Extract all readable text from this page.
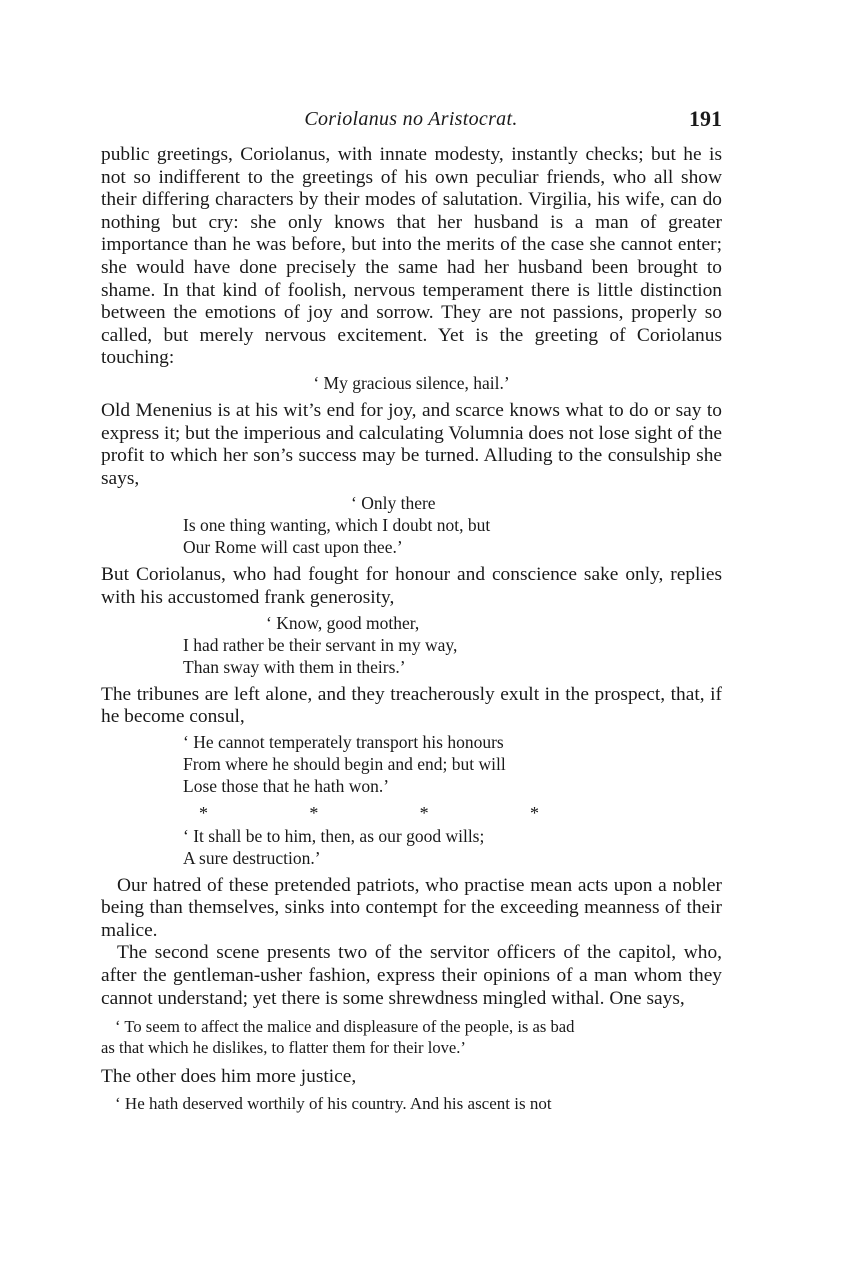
Coriolanus no Aristocrat.	191

public greetings, Coriolanus, with innate modesty, instantly checks; but he is not so indifferent to the greetings of his own peculiar friends, who all show their differing characters by their modes of salutation. Virgilia, his wife, can do nothing but cry: she only knows that her husband is a man of greater importance than he was before, but into the merits of the case she cannot enter; she would have done precisely the same had her husband been brought to shame. In that kind of foolish, nervous temperament there is little distinction between the emotions of joy and sorrow. They are not passions, properly so called, but merely nervous excitement. Yet is the greeting of Coriolanus touching:

‘ My gracious silence, hail.’

Old Menenius is at his wit’s end for joy, and scarce knows what to do or say to express it; but the imperious and calculating Volumnia does not lose sight of the profit to which her son’s success may be turned. Alluding to the consulship she says,

‘ Only there
Is one thing wanting, which I doubt not, but
Our Rome will cast upon thee.’

But Coriolanus, who had fought for honour and conscience sake only, replies with his accustomed frank generosity,

‘ Know, good mother,
I had rather be their servant in my way,
Than sway with them in theirs.’

The tribunes are left alone, and they treacherously exult in the prospect, that, if he become consul,

‘ He cannot temperately transport his honours
From where he should begin and end; but will
Lose those that he hath won.’
*	*	*	*
‘ It shall be to him, then, as our good wills;
A sure destruction.’

Our hatred of these pretended patriots, who practise mean acts upon a nobler being than themselves, sinks into contempt for the exceeding meanness of their malice.

The second scene presents two of the servitor officers of the capitol, who, after the gentleman-usher fashion, express their opinions of a man whom they cannot understand; yet there is some shrewdness mingled withal. One says,

‘ To seem to affect the malice and displeasure of the people, is as bad
as that which he dislikes, to flatter them for their love.’

The other does him more justice,

‘ He hath deserved worthily of his country. And his ascent is not
